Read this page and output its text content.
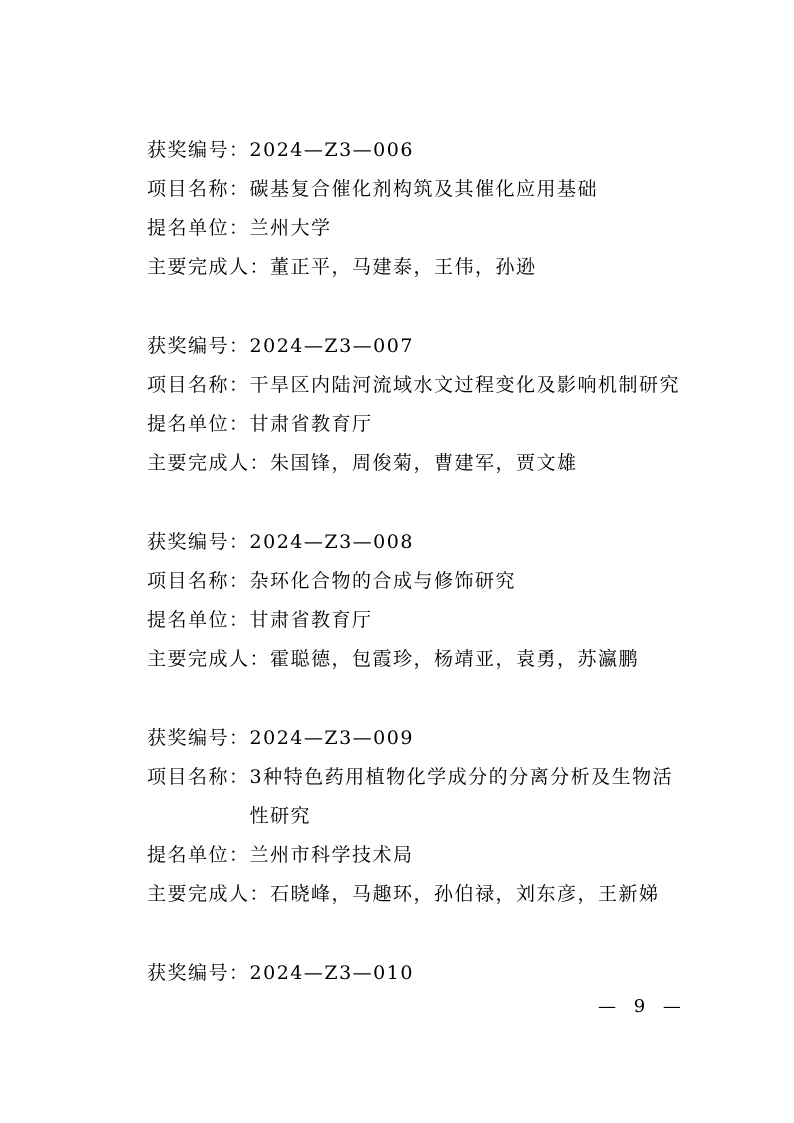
获奖编号：2024—Z3—006
项目名称：碳基复合催化剂构筑及其催化应用基础
提名单位：兰州大学
主要完成人：董正平，马建泰，王伟，孙逊
获奖编号：2024—Z3—007
项目名称：干旱区内陆河流域水文过程变化及影响机制研究
提名单位：甘肃省教育厅
主要完成人：朱国锋，周俊菊，曹建军，贾文雄
获奖编号：2024—Z3—008
项目名称：杂环化合物的合成与修饰研究
提名单位：甘肃省教育厅
主要完成人：霍聪德，包霞珍，杨靖亚，袁勇，苏瀛鹏
获奖编号：2024—Z3—009
项目名称： 3种特色药用植物化学成分的分离分析及生物活性研究
提名单位：兰州市科学技术局
主要完成人：石晓峰，马趣环，孙伯禄，刘东彦，王新娣
获奖编号：2024—Z3—010
— 9 —
